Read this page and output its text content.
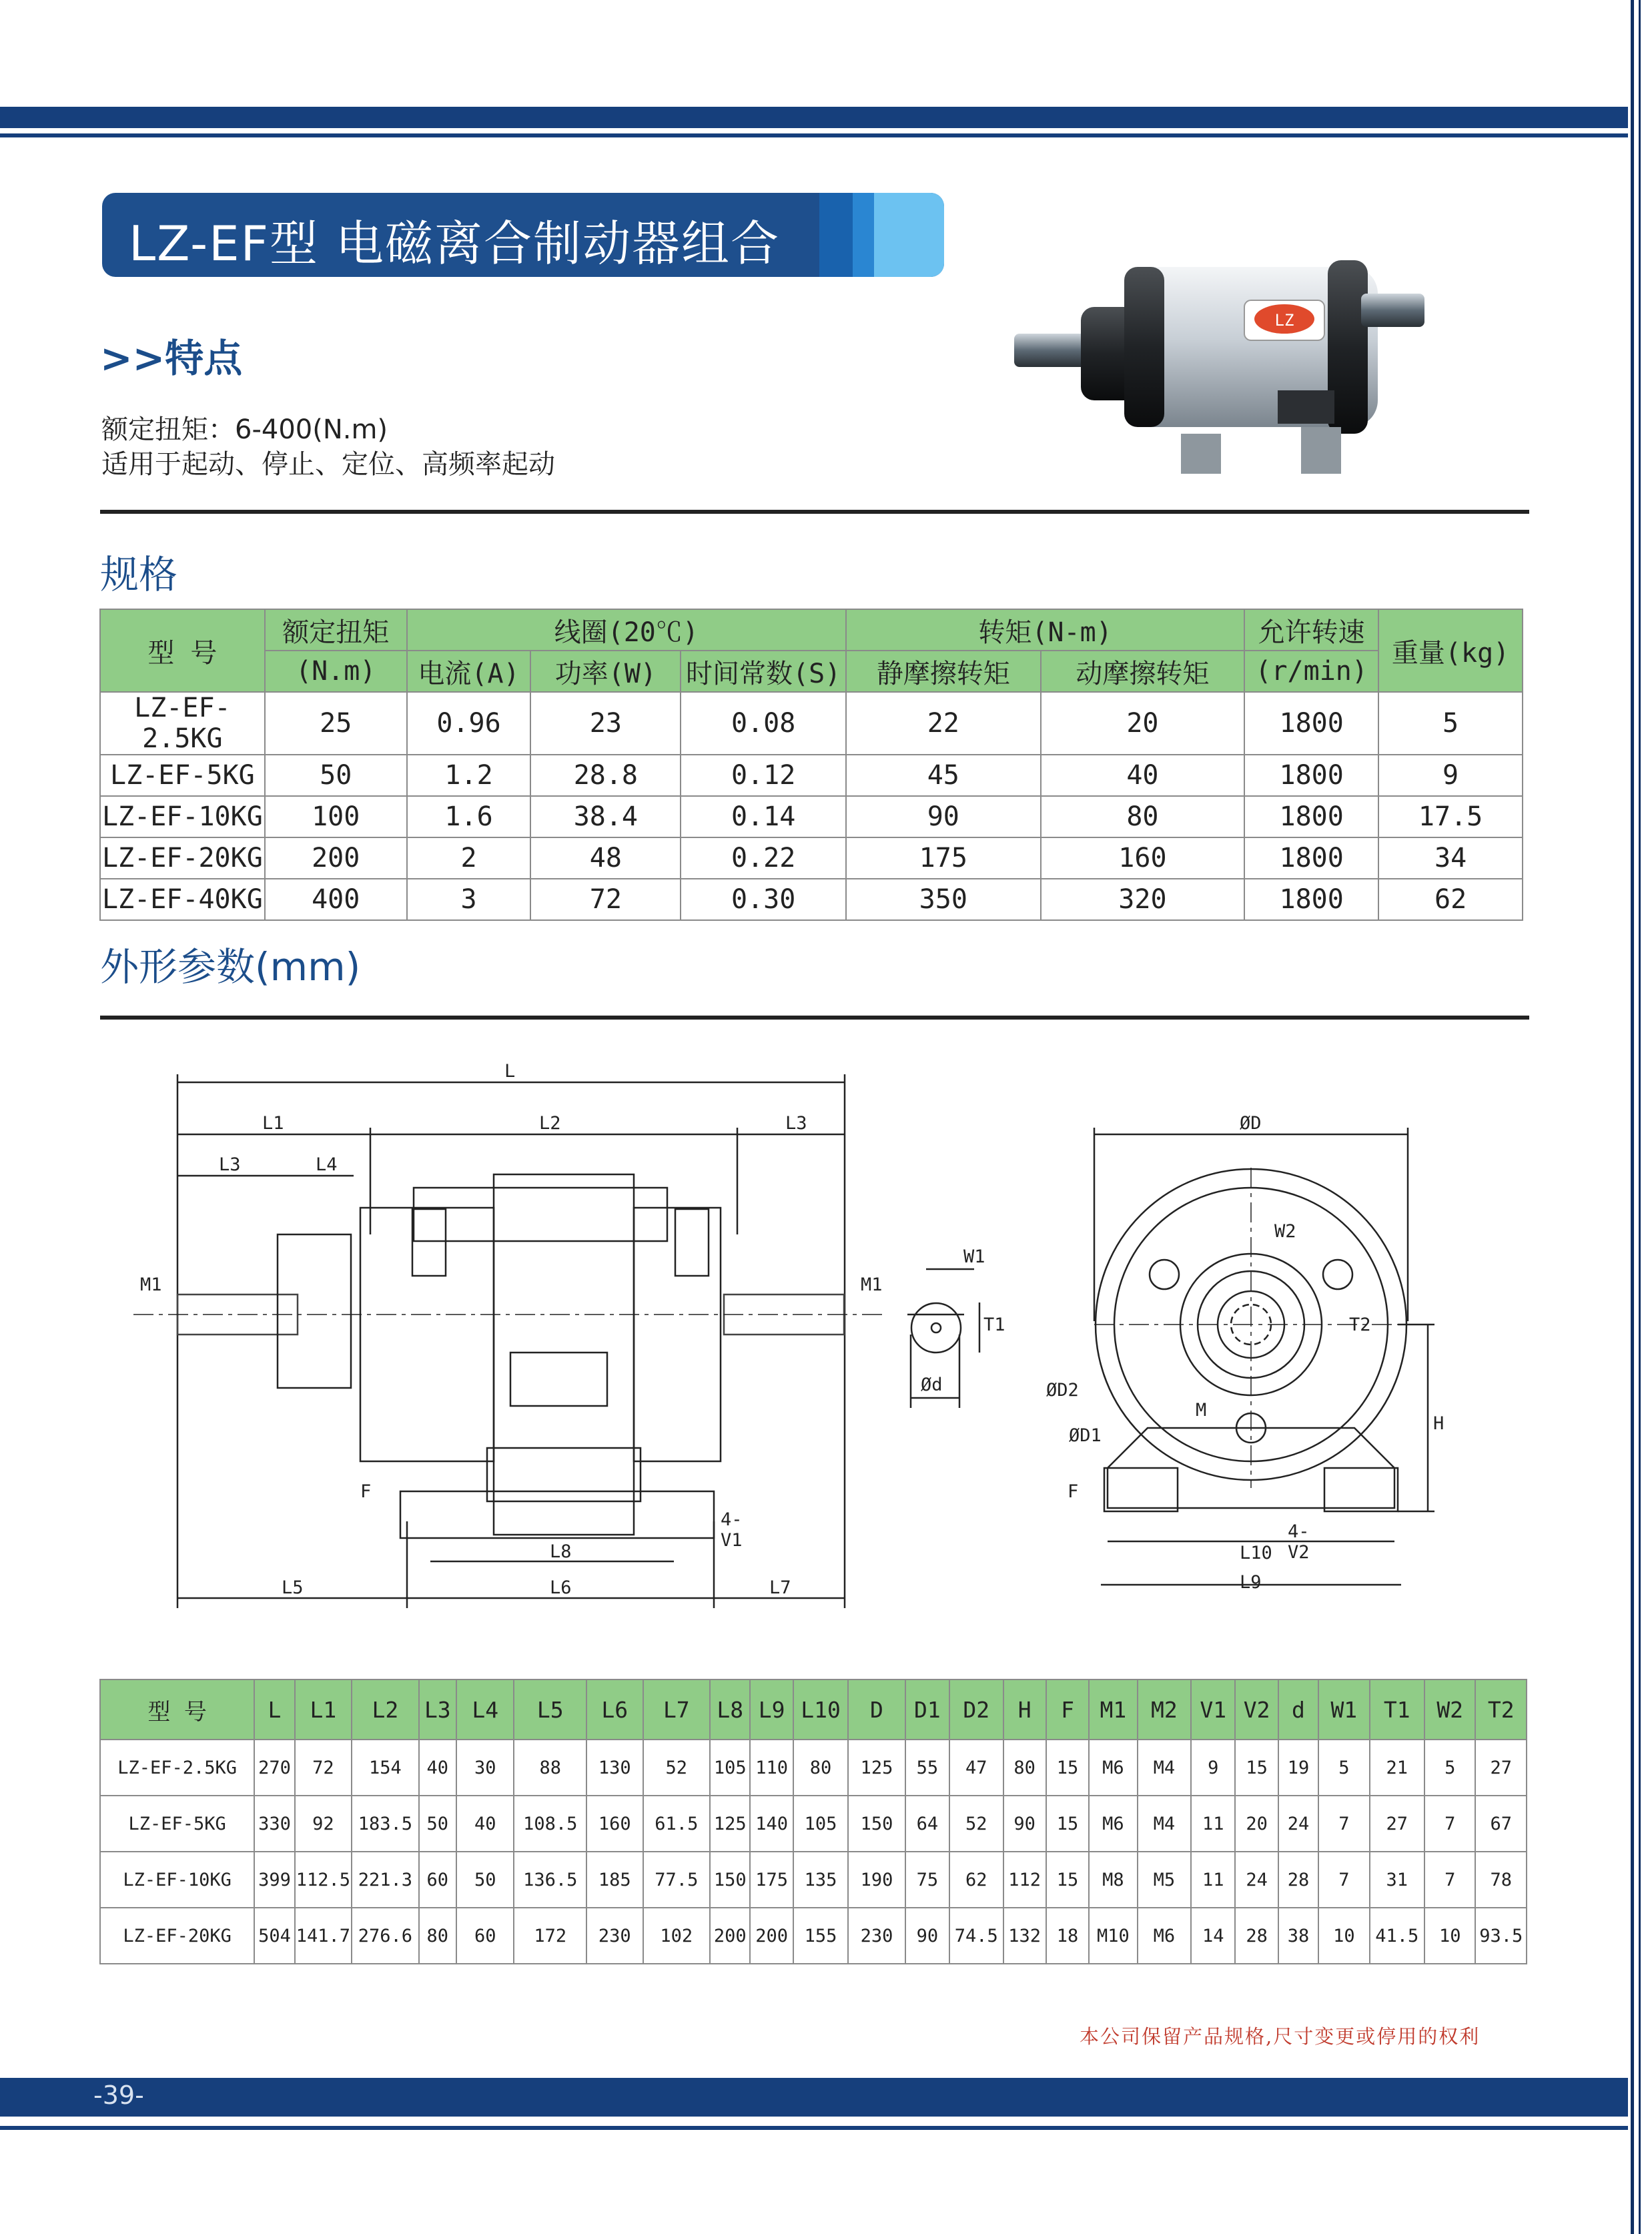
LZ-EF型 电磁离合制动器组合
>>特点
额定扭矩：6-400(N.m)
适用于起动、停止、定位、高频率起动
LZ
规格
型 号	额定扭矩	线圈(20℃)			转矩(N-m)		允许转速	重量(kg)
	(N.m)	电流(A)	功率(W)	时间常数(S)	静摩擦转矩	动摩擦转矩	(r/min)	
LZ-EF-2.5KG	25	0.96	23	0.08	22	20	1800	5
LZ-EF-5KG	50	1.2	28.8	0.12	45	40	1800	9
LZ-EF-10KG	100	1.6	38.4	0.14	90	80	1800	17.5
LZ-EF-20KG	200	2	48	0.22	175	160	1800	34
LZ-EF-40KG	400	3	72	0.30	350	320	1800	62
外形参数(mm)
L
L1	L2	L3
L3	L4
M1	M1
F
4-V1
L8
L5	L6	L7
W1
T1
Ød
ØD
W2
T2
ØD2
M
ØD1
H
F
4-V2
L10
L9
型 号	L	L1	L2	L3	L4	L5	L6	L7	L8	L9	L10	D	D1	D2	H	F	M1	M2	V1	V2	d	W1	T1	W2	T2
LZ-EF-2.5KG	270	72	154	40	30	88	130	52	105	110	80	125	55	47	80	15	M6	M4	9	15	19	5	21	5	27
LZ-EF-5KG	330	92	183.5	50	40	108.5	160	61.5	125	140	105	150	64	52	90	15	M6	M4	11	20	24	7	27	7	67
LZ-EF-10KG	399	112.5	221.3	60	50	136.5	185	77.5	150	175	135	190	75	62	112	15	M8	M5	11	24	28	7	31	7	78
LZ-EF-20KG	504	141.7	276.6	80	60	172	230	102	200	200	155	230	90	74.5	132	18	M10	M6	14	28	38	10	41.5	10	93.5
本公司保留产品规格,尺寸变更或停用的权利
-39-
